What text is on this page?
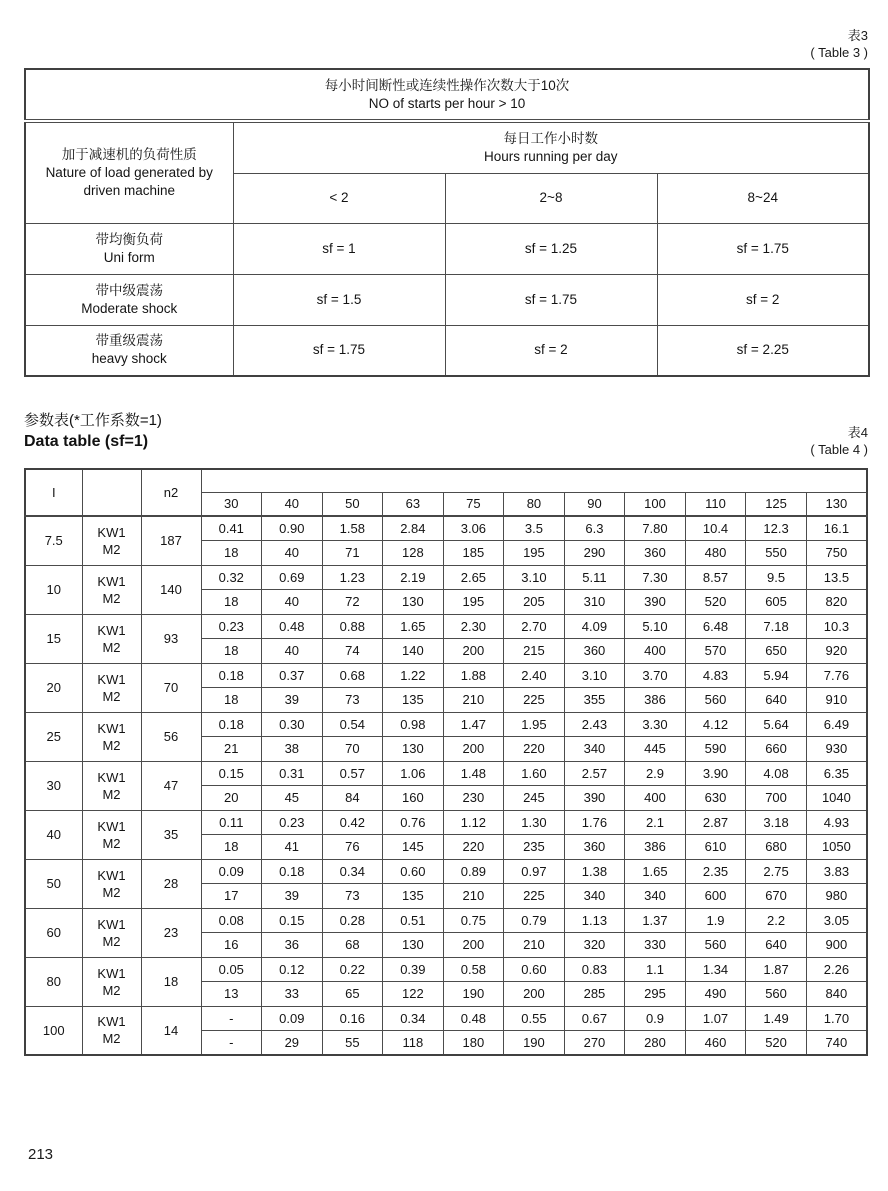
表3
( Table 3 )
每小时间断性或连续性操作次数大于10次
NO of starts per hour > 10			

加于减速机的负荷性质
Nature of load generated by
driven machine

每日工作小时数
Hours running per day

	< 2	2~8	8~24

带均衡负荷
Uni form	sf = 1	sf = 1.25	sf = 1.75

带中级震荡
Moderate shock	sf = 1.5	sf = 1.75	sf = 2

带重级震荡
heavy shock	sf = 1.75	sf = 2	sf = 2.25
参数表(*工作系数=1)
Data table (sf=1)
表4
( Table 4 )
I		n2											
			30	40	50	63	75	80	90	100	110	125	130
7.5	KW1
M2	187	0.41	0.90	1.58	2.84	3.06	3.5	6.3	7.80	10.4	12.3	16.1
			18	40	71	128	185	195	290	360	480	550	750
10	KW1
M2	140	0.32	0.69	1.23	2.19	2.65	3.10	5.11	7.30	8.57	9.5	13.5
			18	40	72	130	195	205	310	390	520	605	820
15	KW1
M2	93	0.23	0.48	0.88	1.65	2.30	2.70	4.09	5.10	6.48	7.18	10.3
			18	40	74	140	200	215	360	400	570	650	920
20	KW1
M2	70	0.18	0.37	0.68	1.22	1.88	2.40	3.10	3.70	4.83	5.94	7.76
			18	39	73	135	210	225	355	386	560	640	910
25	KW1
M2	56	0.18	0.30	0.54	0.98	1.47	1.95	2.43	3.30	4.12	5.64	6.49
			21	38	70	130	200	220	340	445	590	660	930
30	KW1
M2	47	0.15	0.31	0.57	1.06	1.48	1.60	2.57	2.9	3.90	4.08	6.35
			20	45	84	160	230	245	390	400	630	700	1040
40	KW1
M2	35	0.11	0.23	0.42	0.76	1.12	1.30	1.76	2.1	2.87	3.18	4.93
			18	41	76	145	220	235	360	386	610	680	1050
50	KW1
M2	28	0.09	0.18	0.34	0.60	0.89	0.97	1.38	1.65	2.35	2.75	3.83
			17	39	73	135	210	225	340	340	600	670	980
60	KW1
M2	23	0.08	0.15	0.28	0.51	0.75	0.79	1.13	1.37	1.9	2.2	3.05
			16	36	68	130	200	210	320	330	560	640	900
80	KW1
M2	18	0.05	0.12	0.22	0.39	0.58	0.60	0.83	1.1	1.34	1.87	2.26
			13	33	65	122	190	200	285	295	490	560	840
100	KW1
M2	14	-	0.09	0.16	0.34	0.48	0.55	0.67	0.9	1.07	1.49	1.70
			-	29	55	118	180	190	270	280	460	520	740
213
